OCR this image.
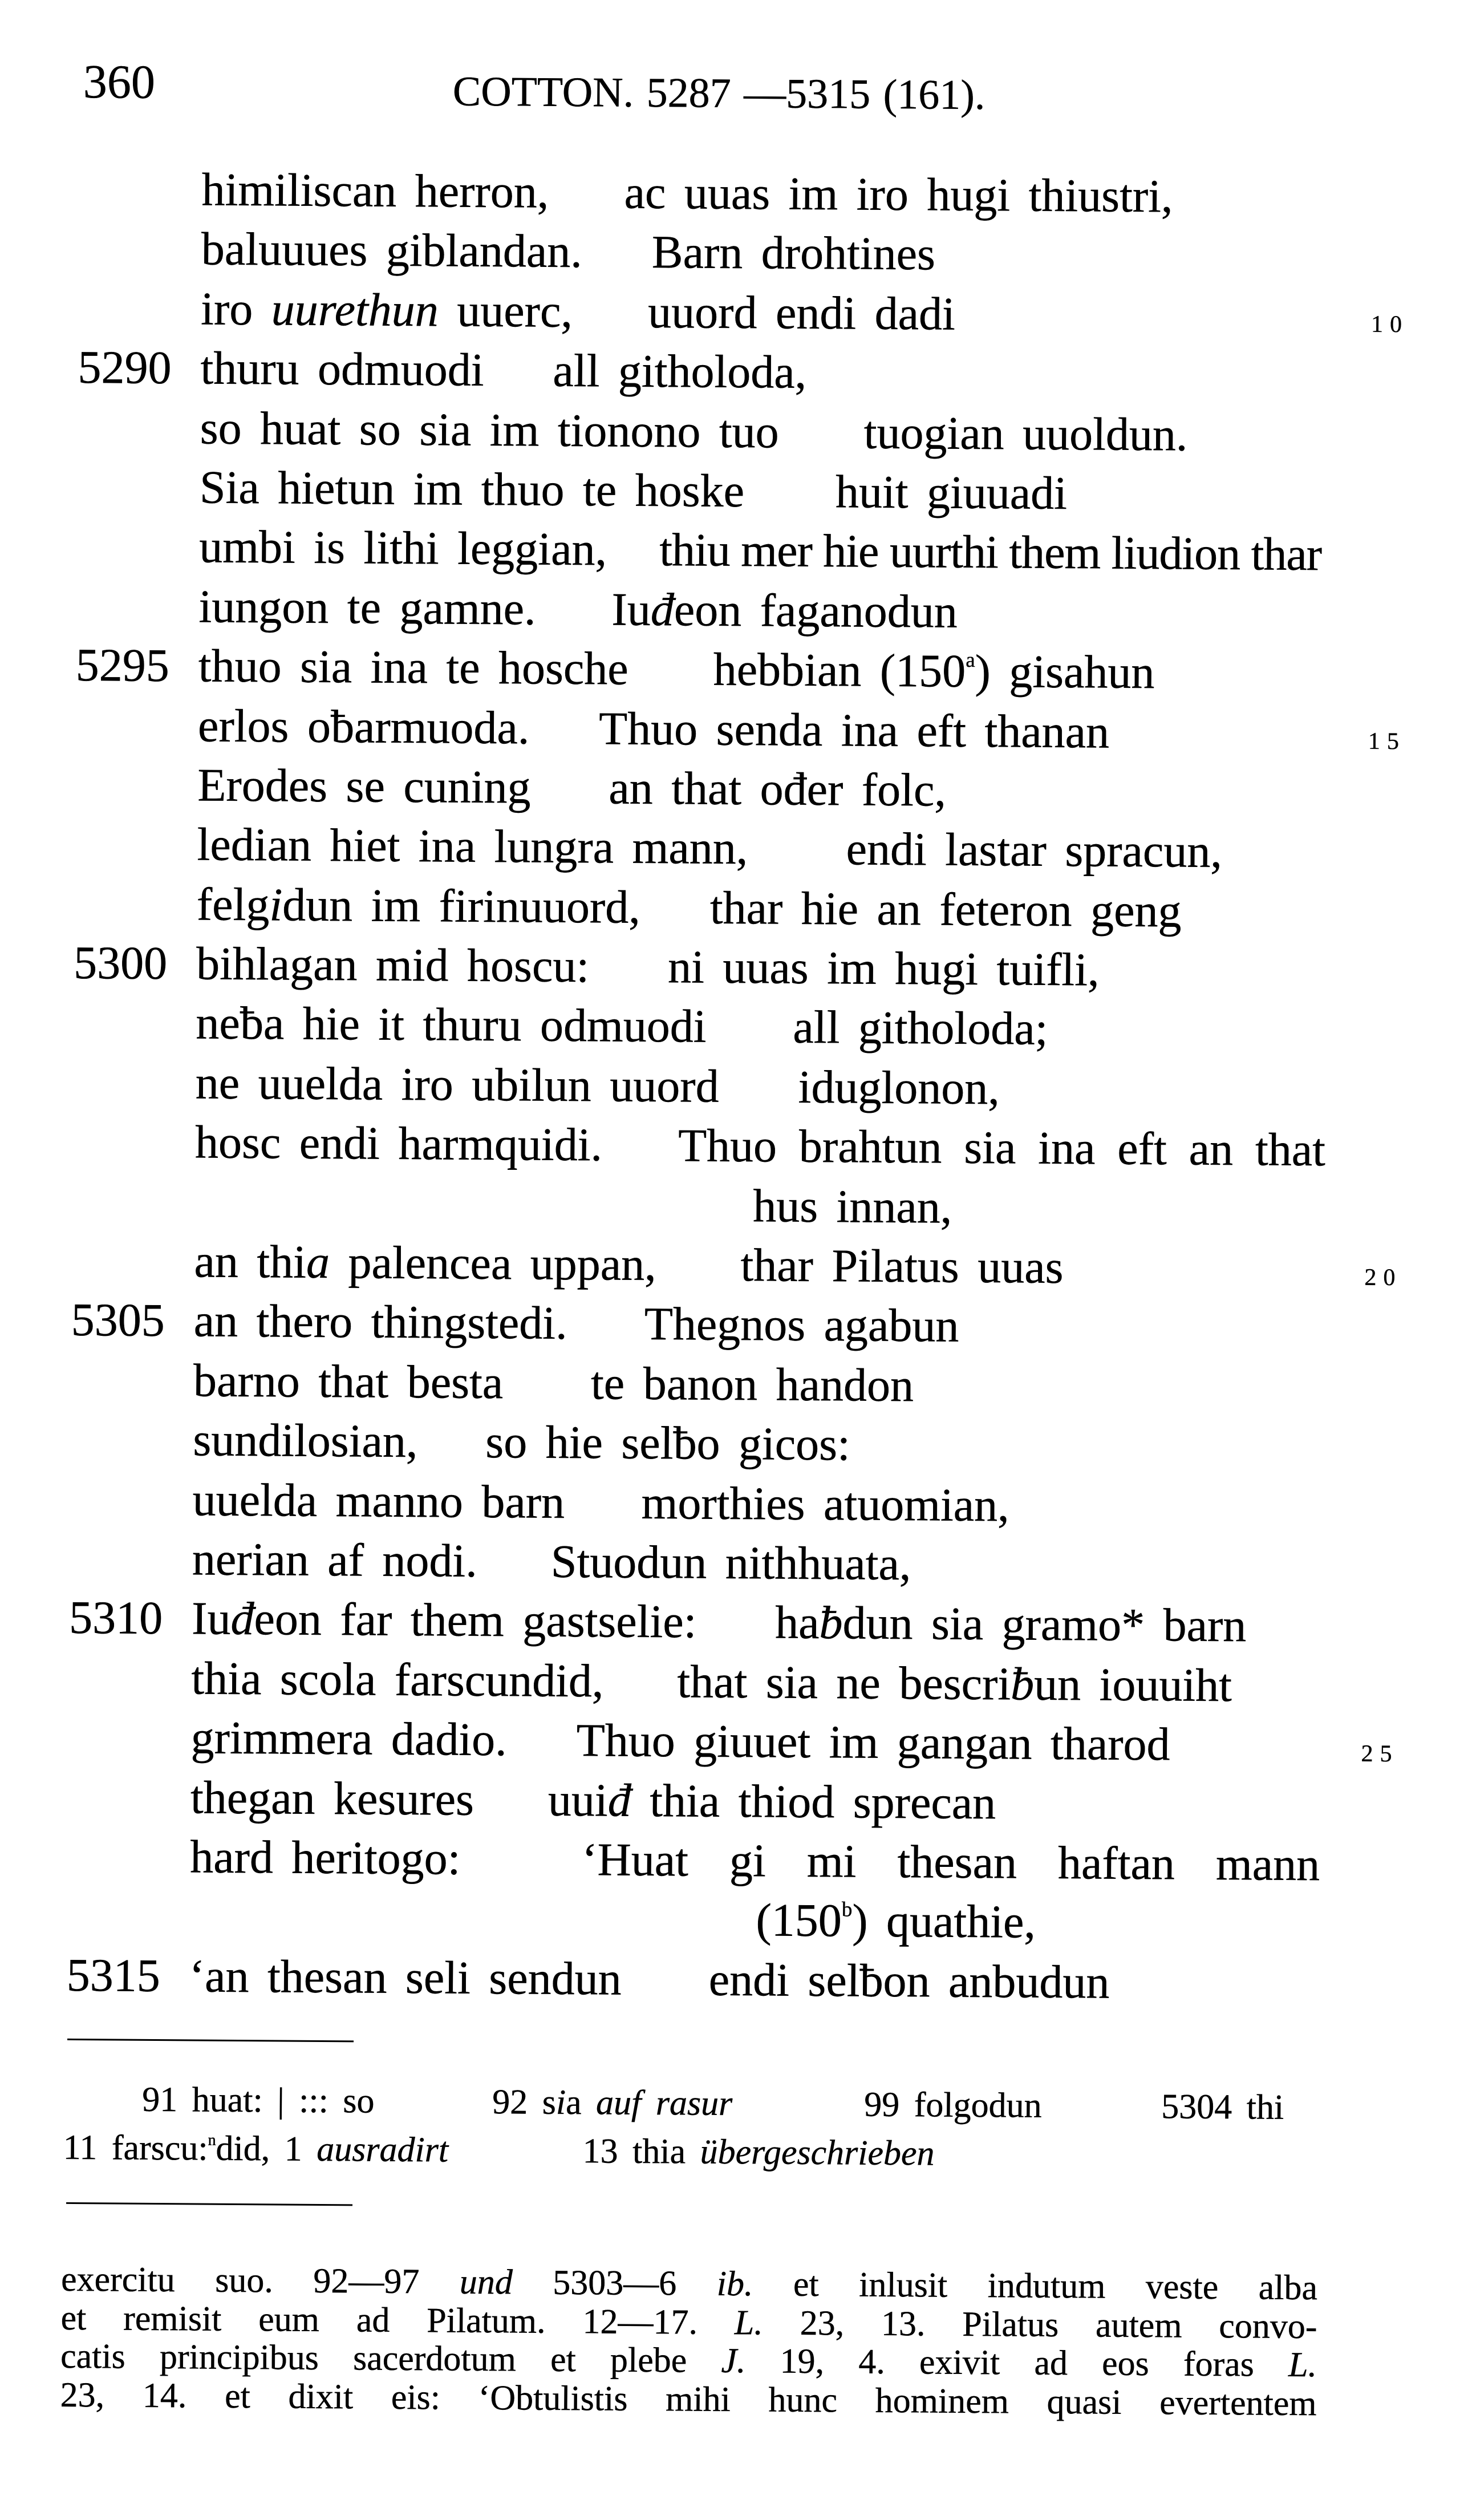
360	COTTON. 5287 —5315 (161).
himiliscan herron, ac uuas im iro hugi thiustri,
baluuues giblandan. Barn drohtines
iro uurethun uuerc, uuord endi dadi	10
5290 thuru odmuodi all githoloda,
so huat so sia im tionono tuo tuogian uuoldun.
Sia hietun im thuo te hoske huit giuuadi
umbi is lithi leggian, thiu mer hie uurthi them liudion thar
iungon te gamne. Iuđeon faganodun
5295 thuo sia ina te hosche hebbian (150$^a$) gisahun
erlos oƀarmuoda. Thuo senda ina eft thanan	15
Erodes se cuning an that ođer folc,
ledian hiet ina lungra mann, endi lastar spracun,
felgidun im firinuuord, thar hie an feteron geng
5300 bihlagan mid hoscu: ni uuas im hugi tuifli,
neƀa hie it thuru odmuodi all githoloda;
ne uuelda iro ubilun uuord iduglonon,
hosc endi harmquidi. Thuo brahtun sia ina eft an that
hus innan,
an thia palencea uppan, thar Pilatus uuas	20
5305 an thero thingstedi. Thegnos agabun
barno that besta te banon handon
sundilosian, so hie selƀo gicos:
uuelda manno barn morthies atuomian,
nerian af nodi. Stuodun nithhuata,
5310 Iuđeon far them gastselie: haƀdun sia gramo* barn
thia scola farscundid, that sia ne bescriƀun iouuiht
grimmera dadio. Thuo giuuet im gangan tharod	25
thegan kesures uuiđ thia thiod sprecan
hard heritogo:	‘Huat gi mi thesan haftan mann
(150$^b$) quathie,
5315 ‘an thesan seli sendun endi selƀon anbudun
91 huat: | ::: so	92 sia auf rasur	99 folgodun	5304 thi
11 farscu:$^n$did, 1 ausradirt	13 thia übergeschrieben
exercitu suo. 92—97 und 5303—6 ib. et inlusit indutum veste alba
et remisit eum ad Pilatum. 12—17. L. 23, 13. Pilatus autem convo-
catis principibus sacerdotum et plebe J. 19, 4. exivit ad eos foras L.
23, 14. et dixit eis: ‘Obtulistis mihi hunc hominem quasi evertentem
